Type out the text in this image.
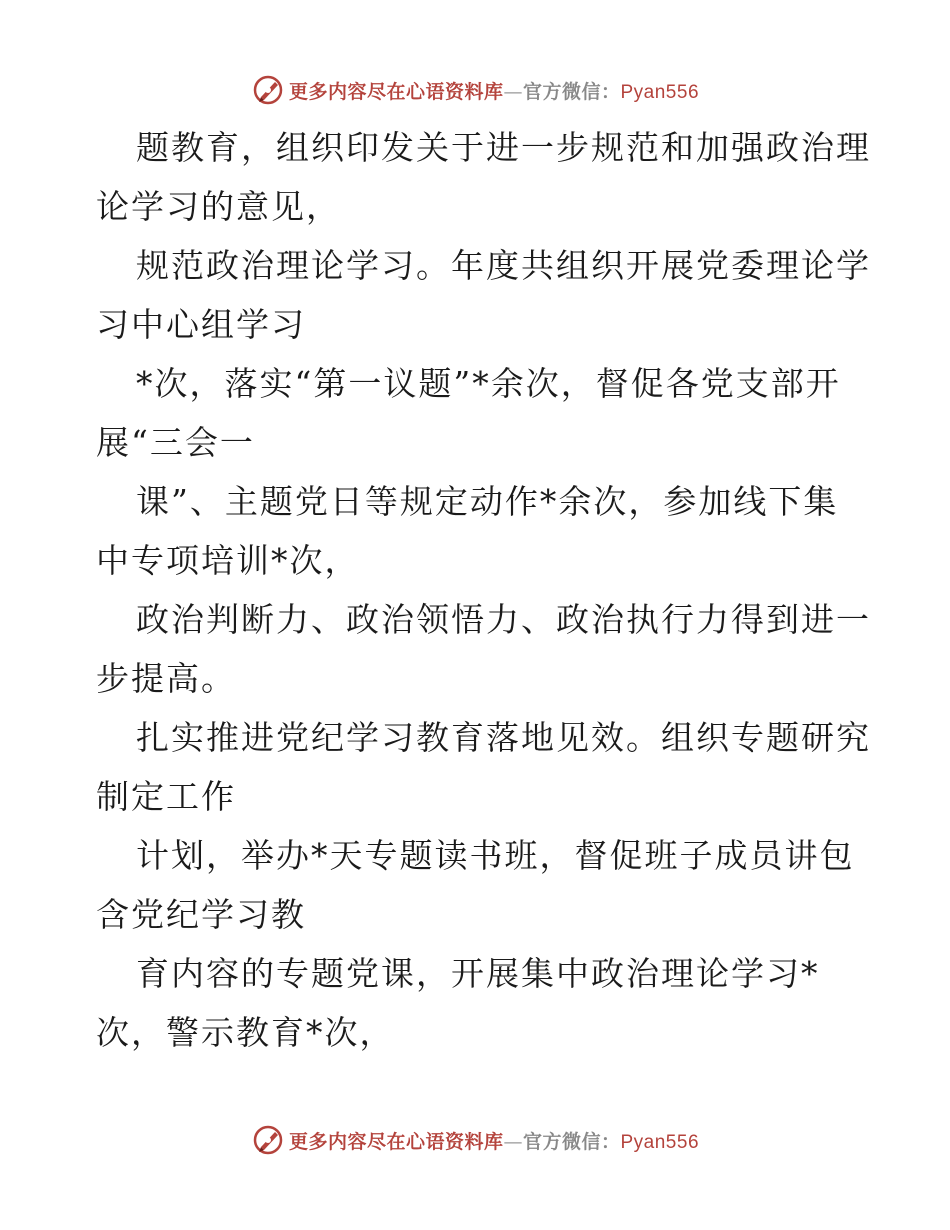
更多内容尽在心语资料库—官方微信：Pyan556
题教育，组织印发关于进一步规范和加强政治理
论学习的意见，
规范政治理论学习。年度共组织开展党委理论学
习中心组学习
*次，落实“第一议题”*余次，督促各党支部开
展“三会一
课”、主题党日等规定动作*余次，参加线下集
中专项培训*次，
政治判断力、政治领悟力、政治执行力得到进一
步提高。
扎实推进党纪学习教育落地见效。组织专题研究
制定工作
计划，举办*天专题读书班，督促班子成员讲包
含党纪学习教
育内容的专题党课，开展集中政治理论学习*
次，警示教育*次，
更多内容尽在心语资料库—官方微信：Pyan556
